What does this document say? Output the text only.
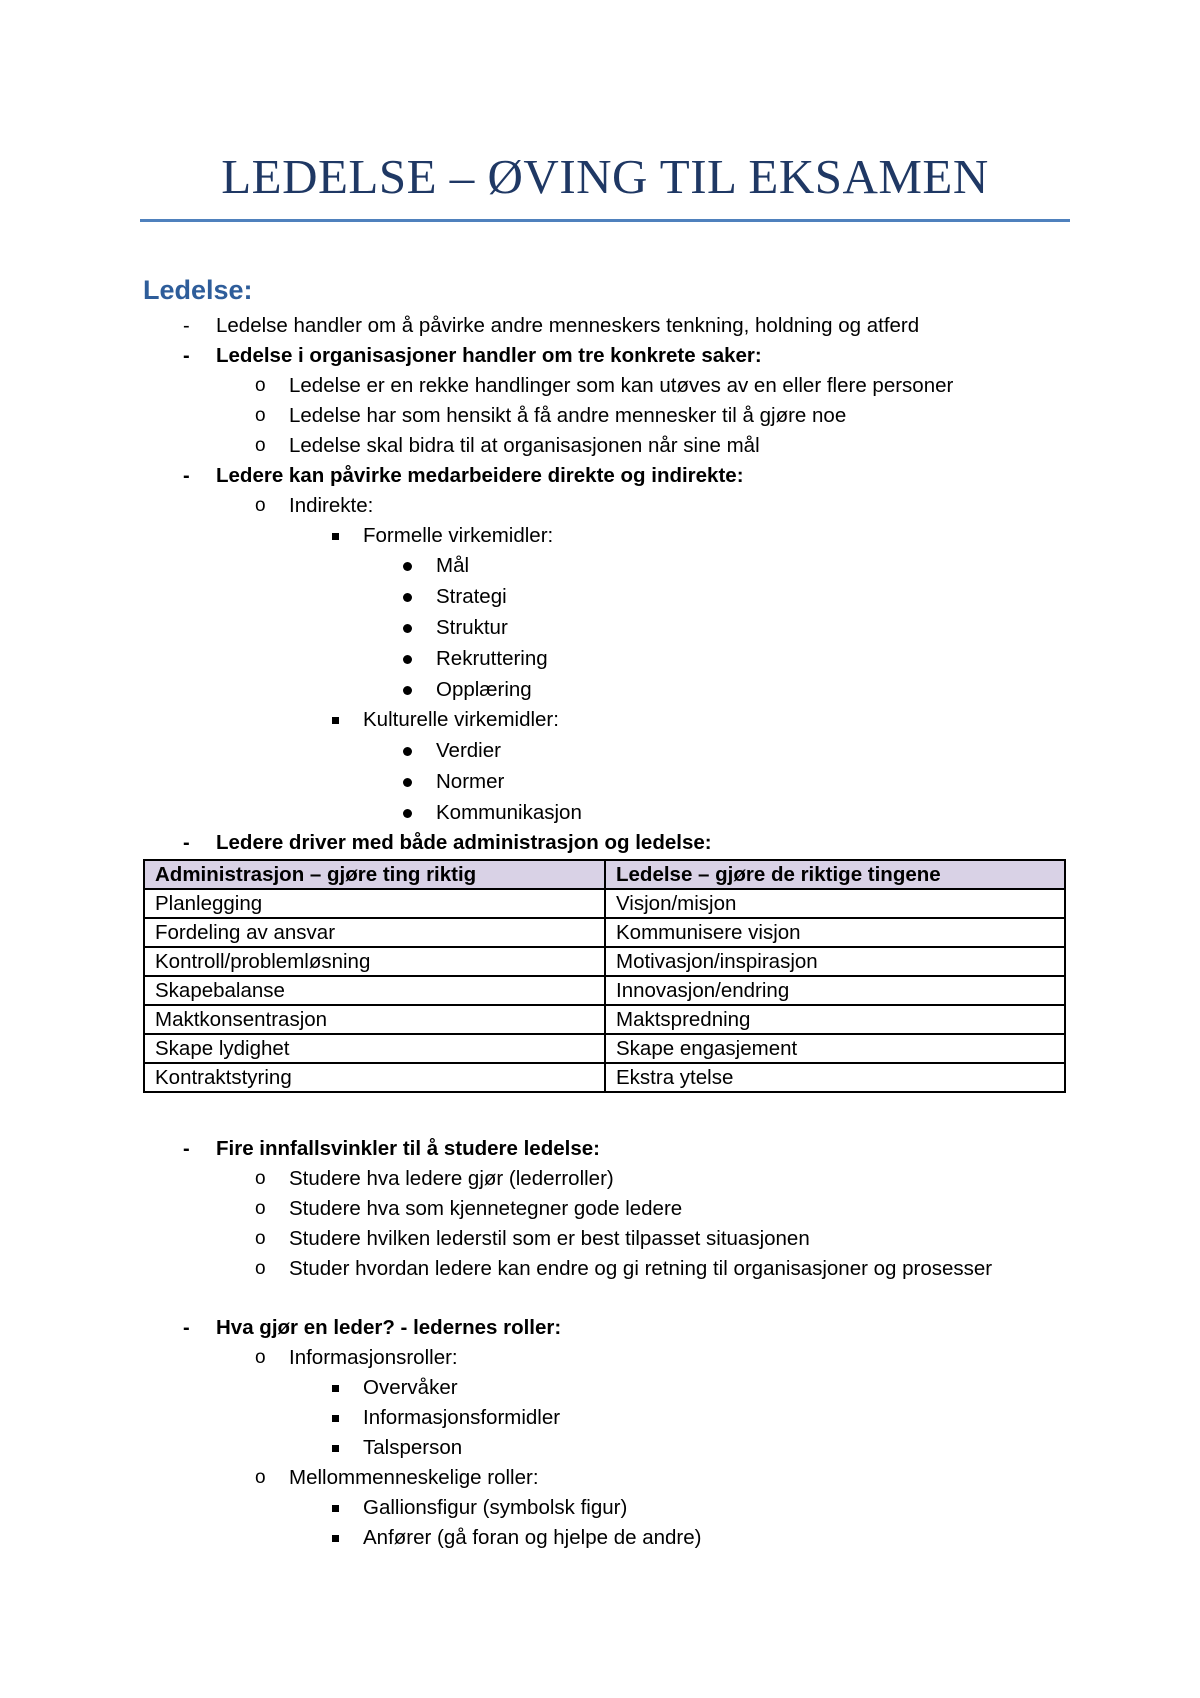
LEDELSE – ØVING TIL EKSAMEN
Ledelse:
- Ledelse handler om å påvirke andre menneskers tenkning, holdning og atferd
- Ledelse i organisasjoner handler om tre konkrete saker:
o Ledelse er en rekke handlinger som kan utøves av en eller flere personer
o Ledelse har som hensikt å få andre mennesker til å gjøre noe
o Ledelse skal bidra til at organisasjonen når sine mål
- Ledere kan påvirke medarbeidere direkte og indirekte:
o Indirekte:
Formelle virkemidler:
Mål
Strategi
Struktur
Rekruttering
Opplæring
Kulturelle virkemidler:
Verdier
Normer
Kommunikasjon
- Ledere driver med både administrasjon og ledelse:
Administrasjon – gjøre ting riktig	Ledelse – gjøre de riktige tingene
Planlegging	Visjon/misjon
Fordeling av ansvar	Kommunisere visjon
Kontroll/problemløsning	Motivasjon/inspirasjon
Skapebalanse	Innovasjon/endring
Maktkonsentrasjon	Maktspredning
Skape lydighet	Skape engasjement
Kontraktstyring	Ekstra ytelse
- Fire innfallsvinkler til å studere ledelse:
o Studere hva ledere gjør (lederroller)
o Studere hva som kjennetegner gode ledere
o Studere hvilken lederstil som er best tilpasset situasjonen
o Studer hvordan ledere kan endre og gi retning til organisasjoner og prosesser
- Hva gjør en leder? - ledernes roller:
o Informasjonsroller:
Overvåker
Informasjonsformidler
Talsperson
o Mellommenneskelige roller:
Gallionsfigur (symbolsk figur)
Anfører (gå foran og hjelpe de andre)
